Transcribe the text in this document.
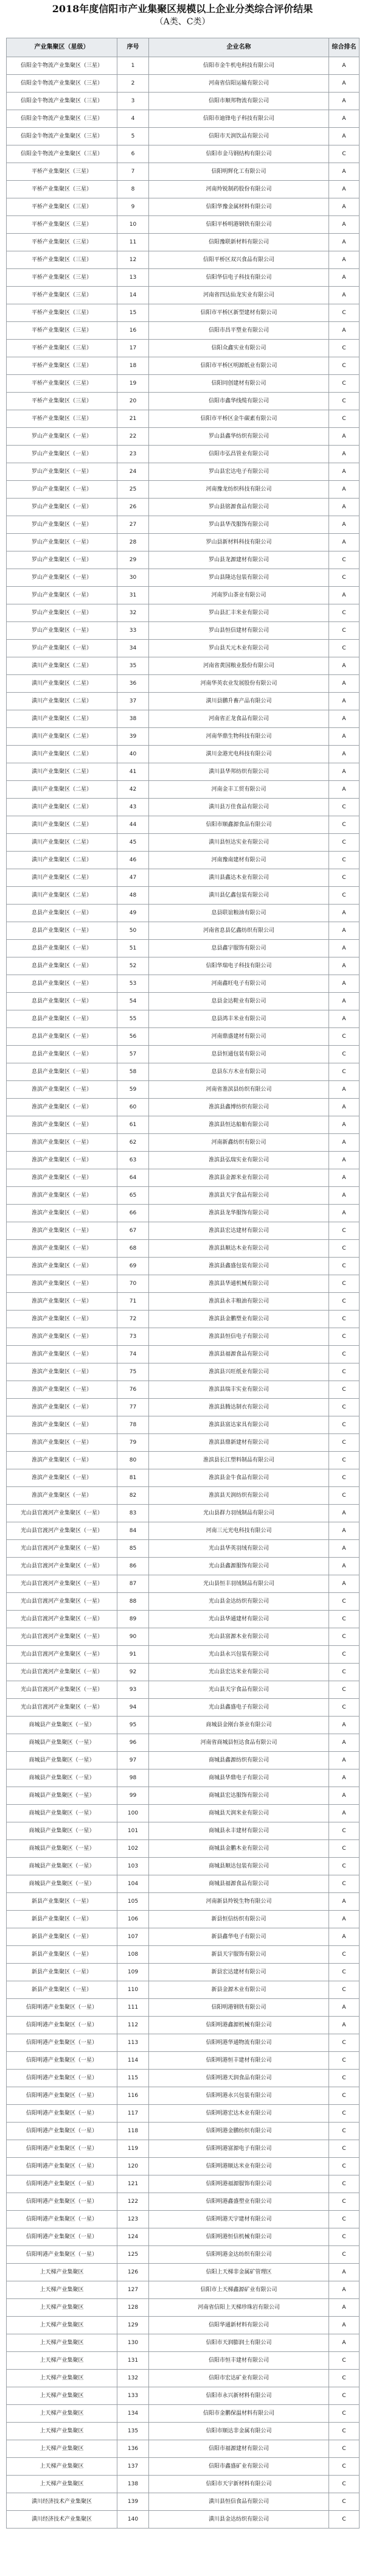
2018年度信阳市产业集聚区规模以上企业分类综合评价结果

（A类、C类）

产业集聚区（星级）	序号	企业名称	综合排名
信阳金牛物流产业集聚区（三星）	1	信阳市金牛机电科技有限公司	A
信阳金牛物流产业集聚区（三星）	2	河南省信阳运输有限公司	A
信阳金牛物流产业集聚区（三星）	3	信阳市顺邦物流有限公司	A
信阳金牛物流产业集聚区（三星）	4	信阳市迪锋电子科技有限公司	A
信阳金牛物流产业集聚区（三星）	5	信阳市天润饮品有限公司	A
信阳金牛物流产业集聚区（三星）	6	信阳市金马钢结构有限公司	C
平桥产业集聚区（三星）	7	信阳明辉化工有限公司	A
平桥产业集聚区（三星）	8	河南羚锐制药股份有限公司	A
平桥产业集聚区（三星）	9	信阳华豫金属材料有限公司	A
平桥产业集聚区（三星）	10	信阳平桥明港钢铁有限公司	A
平桥产业集聚区（三星）	11	信阳豫联新材料有限公司	A
平桥产业集聚区（三星）	12	信阳平桥区双兴食品有限公司	A
平桥产业集聚区（三星）	13	信阳华信电子科技有限公司	A
平桥产业集聚区（三星）	14	河南省四达仙龙实业有限公司	A
平桥产业集聚区（三星）	15	信阳市平桥区新型建材有限公司	C
平桥产业集聚区（三星）	16	信阳市昌平塑业有限公司	A
平桥产业集聚区（三星）	17	信阳众鑫实业有限公司	C
平桥产业集聚区（三星）	18	信阳市平桥区明源纸业有限公司	C
平桥产业集聚区（三星）	19	信阳同创建材有限公司	C
平桥产业集聚区（三星）	20	信阳市鑫华线缆有限公司	C
平桥产业集聚区（三星）	21	信阳市平桥区金牛碳素有限公司	C
罗山产业集聚区（一星）	22	罗山县鑫华纺织有限公司	A
罗山产业集聚区（一星）	23	信阳市弘昌管业有限公司	A
罗山产业集聚区（一星）	24	罗山县宏达电子有限公司	A
罗山产业集聚区（一星）	25	河南豫龙纺织科技有限公司	A
罗山产业集聚区（一星）	26	罗山县铭源食品有限公司	A
罗山产业集聚区（一星）	27	罗山县华茂服饰有限公司	A
罗山产业集聚区（一星）	28	罗山县新材料科技有限公司	A
罗山产业集聚区（一星）	29	罗山县龙源建材有限公司	C
罗山产业集聚区（一星）	30	罗山县隆达包装有限公司	C
罗山产业集聚区（一星）	31	河南罗山茶业有限公司	A
罗山产业集聚区（一星）	32	罗山县汇丰米业有限公司	C
罗山产业集聚区（一星）	33	罗山县恒信建材有限公司	C
罗山产业集聚区（一星）	34	罗山县天元木业有限公司	C
潢川产业集聚区（二星）	35	河南省黄国粮业股份有限公司	A
潢川产业集聚区（二星）	36	河南华英农业发展股份有限公司	A
潢川产业集聚区（二星）	37	潢川县鹏升畜产品有限公司	A
潢川产业集聚区（二星）	38	河南省正龙食品有限公司	A
潢川产业集聚区（二星）	39	河南华鼎生物科技有限公司	A
潢川产业集聚区（二星）	40	潢川金港光电科技有限公司	A
潢川产业集聚区（二星）	41	潢川县华邦纺织有限公司	A
潢川产业集聚区（二星）	42	河南金丰工贸有限公司	A
潢川产业集聚区（二星）	43	潢川县万佳食品有限公司	C
潢川产业集聚区（二星）	44	信阳市顺鑫源食品有限公司	C
潢川产业集聚区（二星）	45	潢川县恒达实业有限公司	C
潢川产业集聚区（二星）	46	河南豫南建材有限公司	C
潢川产业集聚区（二星）	47	潢川县鑫达木业有限公司	C
潢川产业集聚区（二星）	48	潢川县亿鑫包装有限公司	C
息县产业集聚区（一星）	49	息县联谊粮油有限公司	A
息县产业集聚区（一星）	50	河南省息县亿鑫纺织有限公司	A
息县产业集聚区（一星）	51	息县鑫宇服饰有限公司	A
息县产业集聚区（一星）	52	信阳华瑞电子科技有限公司	A
息县产业集聚区（一星）	53	河南鑫旺电子有限公司	A
息县产业集聚区（一星）	54	息县金达鞋业有限公司	A
息县产业集聚区（一星）	55	息县鸿丰米业有限公司	A
息县产业集聚区（一星）	56	河南鼎盛建材有限公司	C
息县产业集聚区（一星）	57	息县恒通包装有限公司	C
息县产业集聚区（一星）	58	息县东方木业有限公司	C
淮滨产业集聚区（一星）	59	河南省淮滨县纺织有限公司	A
淮滨产业集聚区（一星）	60	淮滨县鑫博纺织有限公司	A
淮滨产业集聚区（一星）	61	淮滨县恒达船舶有限公司	A
淮滨产业集聚区（一星）	62	河南新鑫纺织有限公司	A
淮滨产业集聚区（一星）	63	淮滨县弘瑞实业有限公司	A
淮滨产业集聚区（一星）	64	淮滨县金源米业有限公司	A
淮滨产业集聚区（一星）	65	淮滨县天宇食品有限公司	A
淮滨产业集聚区（一星）	66	淮滨县龙华服饰有限公司	A
淮滨产业集聚区（一星）	67	淮滨县宏达建材有限公司	C
淮滨产业集聚区（一星）	68	淮滨县顺达木业有限公司	C
淮滨产业集聚区（一星）	69	淮滨县鑫盛包装有限公司	C
淮滨产业集聚区（一星）	70	淮滨县华通机械有限公司	C
淮滨产业集聚区（一星）	71	淮滨县永丰粮油有限公司	C
淮滨产业集聚区（一星）	72	淮滨县金鹏塑业有限公司	C
淮滨产业集聚区（一星）	73	淮滨县恒信电子有限公司	C
淮滨产业集聚区（一星）	74	淮滨县福源食品有限公司	C
淮滨产业集聚区（一星）	75	淮滨县兴旺纸业有限公司	C
淮滨产业集聚区（一星）	76	淮滨县瑞丰实业有限公司	C
淮滨产业集聚区（一星）	77	淮滨县腾达制衣有限公司	C
淮滨产业集聚区（一星）	78	淮滨县富达家具有限公司	C
淮滨产业集聚区（一星）	79	淮滨县鼎新建材有限公司	C
淮滨产业集聚区（一星）	80	淮滨县长江塑料制品有限公司	C
淮滨产业集聚区（一星）	81	淮滨县金牛食品有限公司	C
淮滨产业集聚区（一星）	82	淮滨县天润纺织有限公司	C
光山县官渡河产业集聚区（一星）	83	光山县群力羽绒制品有限公司	A
光山县官渡河产业集聚区（一星）	84	河南三元光电科技有限公司	A
光山县官渡河产业集聚区（一星）	85	光山县华英羽绒有限公司	A
光山县官渡河产业集聚区（一星）	86	光山县鑫源服饰有限公司	A
光山县官渡河产业集聚区（一星）	87	光山县恒丰羽绒制品有限公司	A
光山县官渡河产业集聚区（一星）	88	光山县金达纺织有限公司	C
光山县官渡河产业集聚区（一星）	89	光山县华通建材有限公司	C
光山县官渡河产业集聚区（一星）	90	光山县富源木业有限公司	C
光山县官渡河产业集聚区（一星）	91	光山县永兴包装有限公司	C
光山县官渡河产业集聚区（一星）	92	光山县宏达米业有限公司	C
光山县官渡河产业集聚区（一星）	93	光山县天宇食品有限公司	C
光山县官渡河产业集聚区（一星）	94	光山县鑫盛电子有限公司	C
商城县产业集聚区（一星）	95	商城县金刚台茶业有限公司	A
商城县产业集聚区（一星）	96	河南省商城县恒达食品有限公司	A
商城县产业集聚区（一星）	97	商城县鑫源纺织有限公司	A
商城县产业集聚区（一星）	98	商城县华鼎电子有限公司	A
商城县产业集聚区（一星）	99	商城县宏达服饰有限公司	A
商城县产业集聚区（一星）	100	商城县天润米业有限公司	A
商城县产业集聚区（一星）	101	商城县永丰建材有限公司	C
商城县产业集聚区（一星）	102	商城县金鹏木业有限公司	C
商城县产业集聚区（一星）	103	商城县顺达包装有限公司	C
商城县产业集聚区（一星）	104	商城县福源食品有限公司	C
新县产业集聚区（一星）	105	河南新县羚锐生物有限公司	A
新县产业集聚区（一星）	106	新县恒信纺织有限公司	A
新县产业集聚区（一星）	107	新县鑫华电子有限公司	A
新县产业集聚区（一星）	108	新县天宇服饰有限公司	C
新县产业集聚区（一星）	109	新县宏达建材有限公司	C
新县产业集聚区（一星）	110	新县金源木业有限公司	C
信阳明港产业集聚区（一星）	111	信阳明港钢铁有限公司	A
信阳明港产业集聚区（一星）	112	信阳明港鑫源机械有限公司	A
信阳明港产业集聚区（一星）	113	信阳明港华通物流有限公司	C
信阳明港产业集聚区（一星）	114	信阳明港恒丰建材有限公司	C
信阳明港产业集聚区（一星）	115	信阳明港天润食品有限公司	C
信阳明港产业集聚区（一星）	116	信阳明港永兴包装有限公司	C
信阳明港产业集聚区（一星）	117	信阳明港宏达木业有限公司	C
信阳明港产业集聚区（一星）	118	信阳明港金鹏纺织有限公司	C
信阳明港产业集聚区（一星）	119	信阳明港富源电子有限公司	C
信阳明港产业集聚区（一星）	120	信阳明港顺达米业有限公司	C
信阳明港产业集聚区（一星）	121	信阳明港福源服饰有限公司	C
信阳明港产业集聚区（一星）	122	信阳明港鑫盛塑业有限公司	C
信阳明港产业集聚区（一星）	123	信阳明港天宇建材有限公司	C
信阳明港产业集聚区（一星）	124	信阳明港恒信机械有限公司	C
信阳明港产业集聚区（一星）	125	信阳明港金达纺织有限公司	C
上天梯产业集聚区	126	信阳上天梯非金属矿管理区	A
上天梯产业集聚区	127	信阳市上天梯鑫源矿业有限公司	A
上天梯产业集聚区	128	河南省信阳上天梯珍珠岩有限公司	A
上天梯产业集聚区	129	信阳华通新材料有限公司	A
上天梯产业集聚区	130	信阳市天润膨润土有限公司	A
上天梯产业集聚区	131	信阳市恒丰建材有限公司	C
上天梯产业集聚区	132	信阳市宏达矿业有限公司	C
上天梯产业集聚区	133	信阳市永兴新材料有限公司	C
上天梯产业集聚区	134	信阳市金鹏保温材料有限公司	C
上天梯产业集聚区	135	信阳市顺达非金属有限公司	C
上天梯产业集聚区	136	信阳市福源建材有限公司	C
上天梯产业集聚区	137	信阳市鑫盛矿业有限公司	C
上天梯产业集聚区	138	信阳市天宇新材料有限公司	C
潢川经济技术产业集聚区	139	潢川县恒信食品有限公司	C
潢川经济技术产业集聚区	140	潢川县金达纺织有限公司	C
